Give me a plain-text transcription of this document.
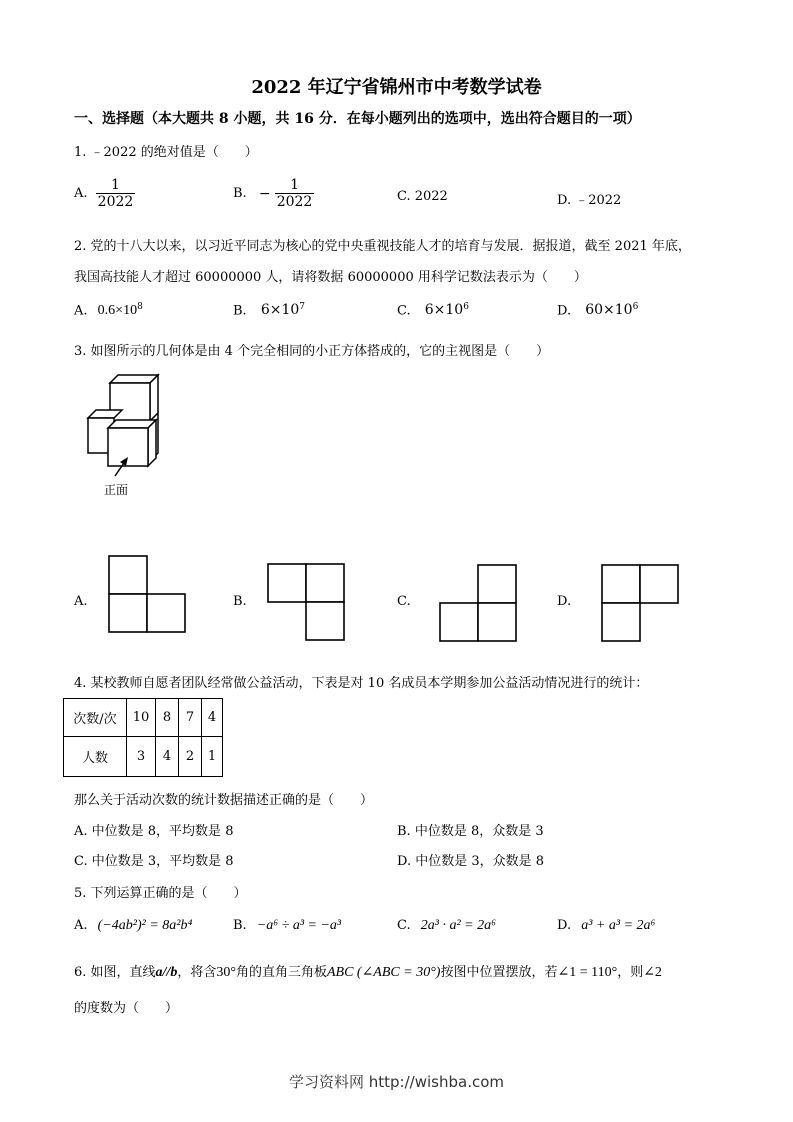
2022 年辽宁省锦州市中考数学试卷
一、选择题（本大题共 8 小题，共 16 分．在每小题列出的选项中，选出符合题目的一项）
1. ﹣2022 的绝对值是（　　）
A. $\frac{1}{2022}$	B. − $\frac{1}{2022}$	C. 2022	D. ﹣2022
2. 党的十八大以来，以习近平同志为核心的党中央重视技能人才的培育与发展．据报道，截至 2021 年底，
我国高技能人才超过 60000000 人，请将数据 60000000 用科学记数法表示为（　　）
A. $0.6\times 10^8$	B. $6\times 10^7$	C. $6\times 10^6$	D. $60\times 10^6$
3. 如图所示的几何体是由 4 个完全相同的小正方体搭成的，它的主视图是（　　）
正面
A.	B.	C.	D.
4. 某校教师自愿者团队经常做公益活动，下表是对 10 名成员本学期参加公益活动情况进行的统计：
次数/次	10	8	7	4
人数	3	4	2	1
那么关于活动次数的统计数据描述正确的是（　　）
A. 中位数是 8，平均数是 8	B. 中位数是 8，众数是 3
C. 中位数是 3，平均数是 8	D. 中位数是 3，众数是 8
5. 下列运算正确的是（　　）
A. (−4ab²)² = 8a²b⁴	B. −a⁶ ÷ a³ = −a³	C. 2a³ · a² = 2a⁶	D. a³ + a³ = 2a⁶
6. 如图，直线a//b，将含30°角的直角三角板ABC (∠ABC = 30°)按图中位置摆放，若∠1 = 110°，则∠2
的度数为（　　）
学习资料网 http://wishba.com
